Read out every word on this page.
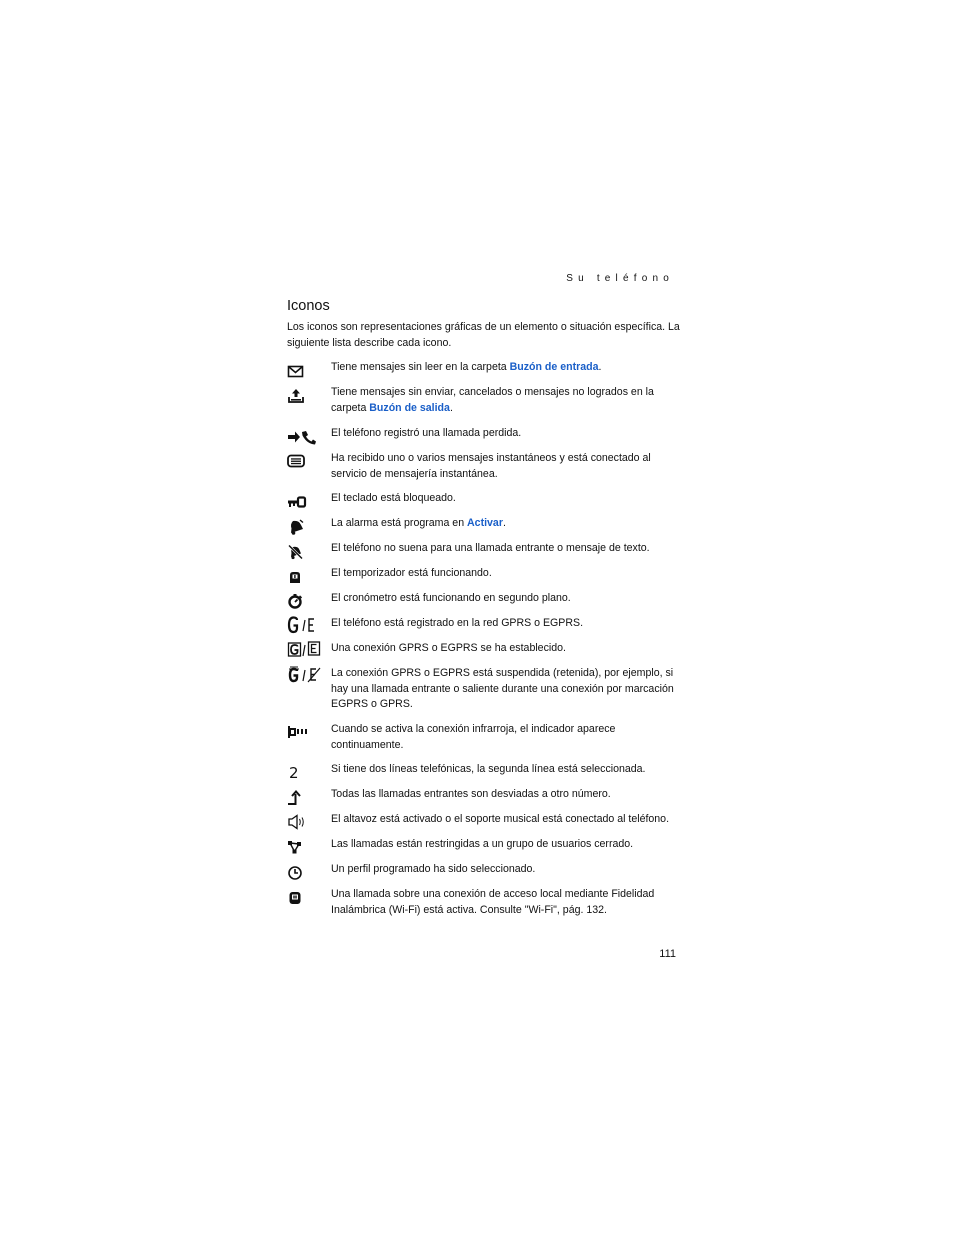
Su teléfono
Iconos

Los iconos son representaciones gráficas de un elemento o situación específica. La siguiente lista describe cada icono.

Tiene mensajes sin leer en la carpeta Buzón de entrada.
Tiene mensajes sin enviar, cancelados o mensajes no logrados en la carpeta Buzón de salida.
El teléfono registró una llamada perdida.
Ha recibido uno o varios mensajes instantáneos y está conectado al servicio de mensajería instantánea.
El teclado está bloqueado.
La alarma está programa en Activar.
El teléfono no suena para una llamada entrante o mensaje de texto.
El temporizador está funcionando.
El cronómetro está funcionando en segundo plano.
El teléfono está registrado en la red GPRS o EGPRS.
Una conexión GPRS o EGPRS se ha establecido.
La conexión GPRS o EGPRS está suspendida (retenida), por ejemplo, si hay una llamada entrante o saliente durante una conexión por marcación EGPRS o GPRS.
Cuando se activa la conexión infrarroja, el indicador aparece continuamente.
2	Si tiene dos líneas telefónicas, la segunda línea está seleccionada.
Todas las llamadas entrantes son desviadas a otro número.
El altavoz está activado o el soporte musical está conectado al teléfono.
Las llamadas están restringidas a un grupo de usuarios cerrado.
Un perfil programado ha sido seleccionado.
Una llamada sobre una conexión de acceso local mediante Fidelidad Inalámbrica (Wi-Fi) está activa. Consulte "Wi-Fi", pág. 132.
111
